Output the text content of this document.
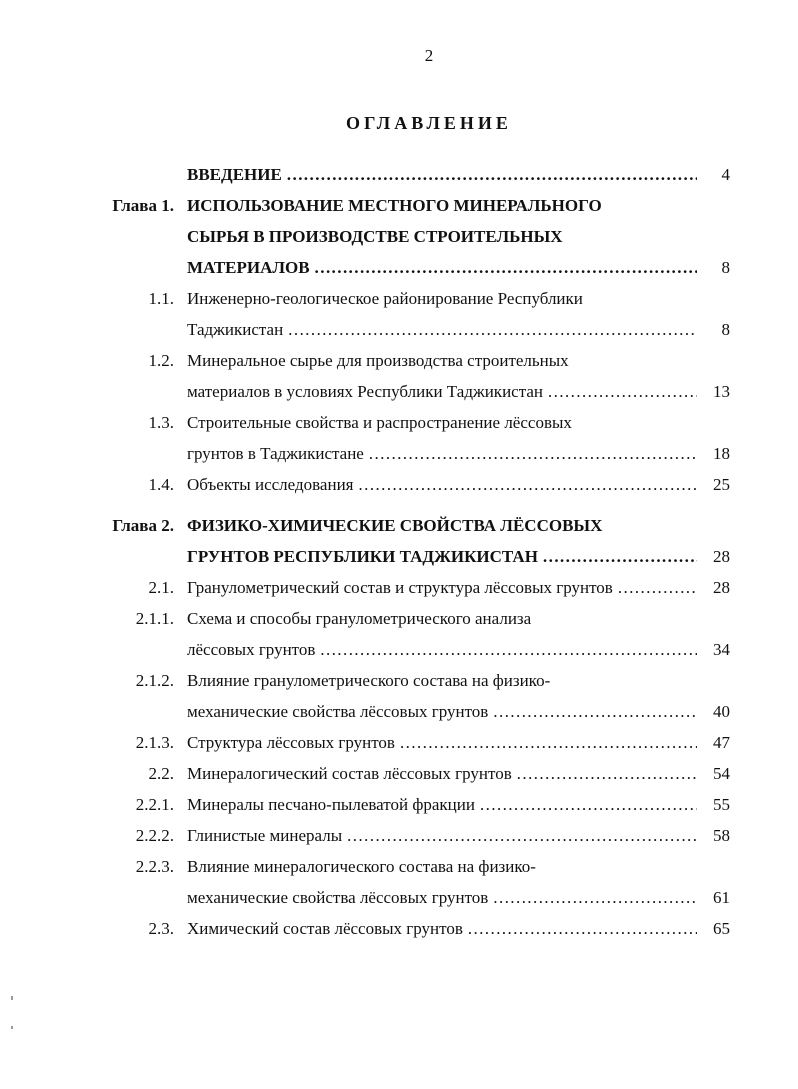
2
ОГЛАВЛЕНИЕ
ВВЕДЕНИЕ ………………………………………………………………………………………………………………………………………………………………………	4
Глава 1. ИСПОЛЬЗОВАНИЕ МЕСТНОГО МИНЕРАЛЬНОГО
СЫРЬЯ В ПРОИЗВОДСТВЕ СТРОИТЕЛЬНЫХ
МАТЕРИАЛОВ ………………………………………………………………………………………………………………………………………………………………………	8
1.1. Инженерно-геологическое районирование Республики
Таджикистан ………………………………………………………………………………………………………………………………………………………………………	8
1.2. Минеральное сырье для производства строительных
материалов в условиях Республики Таджикистан ………………………………………………………………………………………………………………………………………………………………………	13
1.3. Строительные свойства и распространение лёссовых
грунтов в Таджикистане ………………………………………………………………………………………………………………………………………………………………………	18
1.4. Объекты исследования ………………………………………………………………………………………………………………………………………………………………………	25
Глава 2. ФИЗИКО-ХИМИЧЕСКИЕ СВОЙСТВА ЛЁССОВЫХ
ГРУНТОВ РЕСПУБЛИКИ ТАДЖИКИСТАН ………………………………………………………………………………………………………………………………………………………………………	28
2.1. Гранулометрический состав и структура лёссовых грунтов ………………………………………………………………………………………………………………………………………………………………………	28
2.1.1. Схема и способы гранулометрического анализа
лёссовых грунтов ………………………………………………………………………………………………………………………………………………………………………	34
2.1.2. Влияние гранулометрического состава на физико-
механические свойства лёссовых грунтов ………………………………………………………………………………………………………………………………………………………………………	40
2.1.3. Структура лёссовых грунтов ………………………………………………………………………………………………………………………………………………………………………	47
2.2. Минералогический состав лёссовых грунтов ………………………………………………………………………………………………………………………………………………………………………	54
2.2.1. Минералы песчано-пылеватой фракции ………………………………………………………………………………………………………………………………………………………………………	55
2.2.2. Глинистые минералы ………………………………………………………………………………………………………………………………………………………………………	58
2.2.3. Влияние минералогического состава на физико-
механические свойства лёссовых грунтов ………………………………………………………………………………………………………………………………………………………………………	61
2.3. Химический состав лёссовых грунтов ………………………………………………………………………………………………………………………………………………………………………	65
